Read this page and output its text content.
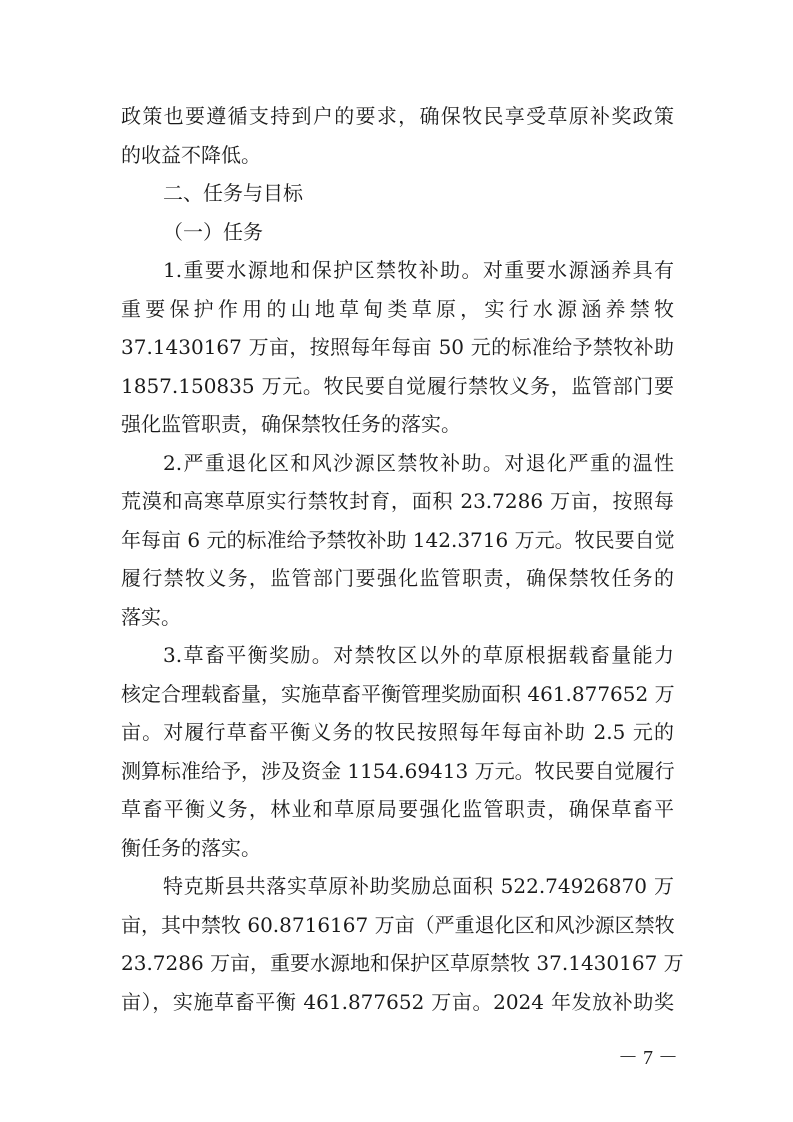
政策也要遵循支持到户的要求，确保牧民享受草原补奖政策
的收益不降低。
二、任务与目标
（一）任务
1.重要水源地和保护区禁牧补助。对重要水源涵养具有
重要保护作用的山地草甸类草原，实行水源涵养禁牧
37.1430167 万亩，按照每年每亩 50 元的标准给予禁牧补助
1857.150835 万元。牧民要自觉履行禁牧义务，监管部门要
强化监管职责，确保禁牧任务的落实。
2.严重退化区和风沙源区禁牧补助。对退化严重的温性
荒漠和高寒草原实行禁牧封育，面积 23.7286 万亩，按照每
年每亩 6 元的标准给予禁牧补助 142.3716 万元。牧民要自觉
履行禁牧义务，监管部门要强化监管职责，确保禁牧任务的
落实。
3.草畜平衡奖励。对禁牧区以外的草原根据载畜量能力
核定合理载畜量，实施草畜平衡管理奖励面积 461.877652 万
亩。对履行草畜平衡义务的牧民按照每年每亩补助 2.5 元的
测算标准给予，涉及资金 1154.69413 万元。牧民要自觉履行
草畜平衡义务，林业和草原局要强化监管职责，确保草畜平
衡任务的落实。
特克斯县共落实草原补助奖励总面积 522.74926870 万
亩，其中禁牧 60.8716167 万亩（严重退化区和风沙源区禁牧
23.7286 万亩，重要水源地和保护区草原禁牧 37.1430167 万
亩），实施草畜平衡 461.877652 万亩。2024 年发放补助奖
－ 7 －
